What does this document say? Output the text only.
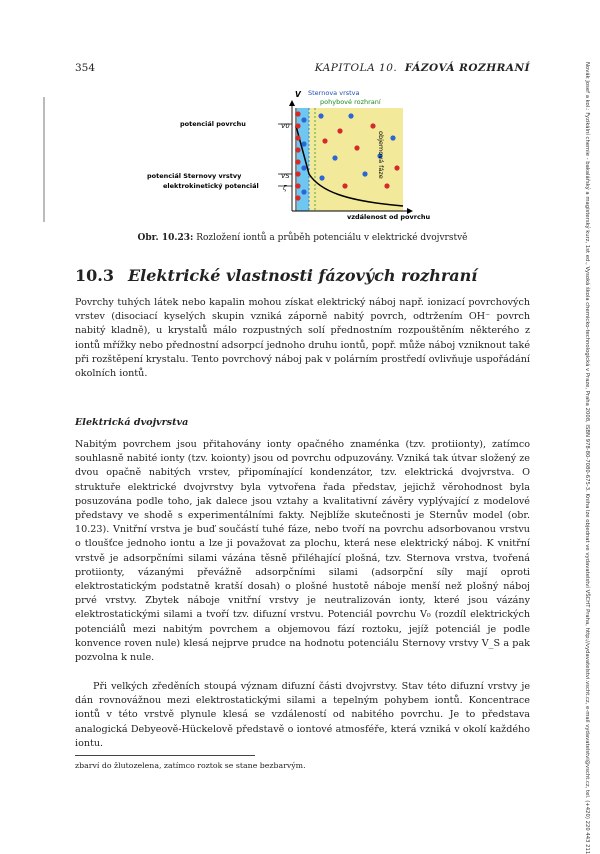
354	KAPITOLA 10. FÁZOVÁ ROZHRANÍ	Novák Josef a kol.: Fyzikální chemie - bakalářský a magisterský kurz, 1st ed., Vysoká škola chemicko-technologická v Praze, Praha 2008, ISBN 978-80-7080-675-3. Kniha lze objednat ve vydavatelství VŠCHT Praha, http://vydavatelstvi.vscht.cz, e-mail vydavatelstvi@vscht.cz, tel. (+420) 220 443 211
V Sternova vrstva
pohybové rozhraní
potenciál povrchu	V0
potenciál Sternovy vrstvy	VS
elektrokinetický potenciál	ζ
objemová fáze
vzdálenost od povrchu
Obr. 10.23: Rozložení iontů a průběh potenciálu v elektrické dvojvrstvě
10.3 Elektrické vlastnosti fázových rozhraní

Povrchy tuhých látek nebo kapalin mohou získat elektrický náboj např. ionizací povrchových vrstev (disociací kyselých skupin vzniká záporně nabitý povrch, odtržením OH⁻ povrch nabitý kladně), u krystalů málo rozpustných solí přednostním rozpouštěním některého z iontů mřížky nebo přednostní adsorpcí jednoho druhu iontů, popř. může náboj vzniknout také při rozštěpení krystalu. Tento povrchový náboj pak v polárním prostředí ovlivňuje uspořádání okolních iontů.

Elektrická dvojvrstva

Nabitým povrchem jsou přitahovány ionty opačného znaménka (tzv. protiionty), zatímco souhlasně nabité ionty (tzv. koionty) jsou od povrchu odpuzovány. Vzniká tak útvar složený ze dvou opačně nabitých vrstev, připomínající kondenzátor, tzv. elektrická dvojvrstva. O struktuře elektrické dvojvrstvy byla vytvořena řada představ, jejichž věrohodnost byla posuzována podle toho, jak dalece jsou vztahy a kvalitativní závěry vyplývající z modelové představy ve shodě s experimentálními fakty. Nejblíže skutečnosti je Sternův model (obr. 10.23). Vnitřní vrstva je buď součástí tuhé fáze, nebo tvoří na povrchu adsorbovanou vrstvu o tloušťce jednoho iontu a lze ji považovat za plochu, která nese elektrický náboj. K vnitřní vrstvě je adsorpčními silami vázána těsně přiléhající plošná, tzv. Sternova vrstva, tvořená protiionty, vázanými převážně adsorpčními silami (adsorpční síly mají oproti elektrostatickým podstatně kratší dosah) o plošné hustotě náboje menší než plošný náboj prvé vrstvy. Zbytek náboje vnitřní vrstvy je neutralizován ionty, které jsou vázány elektrostatickými silami a tvoří tzv. difuzní vrstvu. Potenciál povrchu V₀ (rozdíl elektrických potenciálů mezi nabitým povrchem a objemovou fází roztoku, jejíž potenciál je podle konvence roven nule) klesá nejprve prudce na hodnotu potenciálu Sternovy vrstvy V_S a pak pozvolna k nule.

Při velkých zředěních stoupá význam difuzní části dvojvrstvy. Stav této difuzní vrstvy je dán rovnovážnou mezi elektrostatickými silami a tepelným pohybem iontů. Koncentrace iontů v této vrstvě plynule klesá se vzdáleností od nabitého povrchu. Je to představa analogická Debyeově-Hückelově představě o iontové atmosféře, která vzniká v okolí každého iontu.

zbarví do žlutozelena, zatímco roztok se stane bezbarvým.
